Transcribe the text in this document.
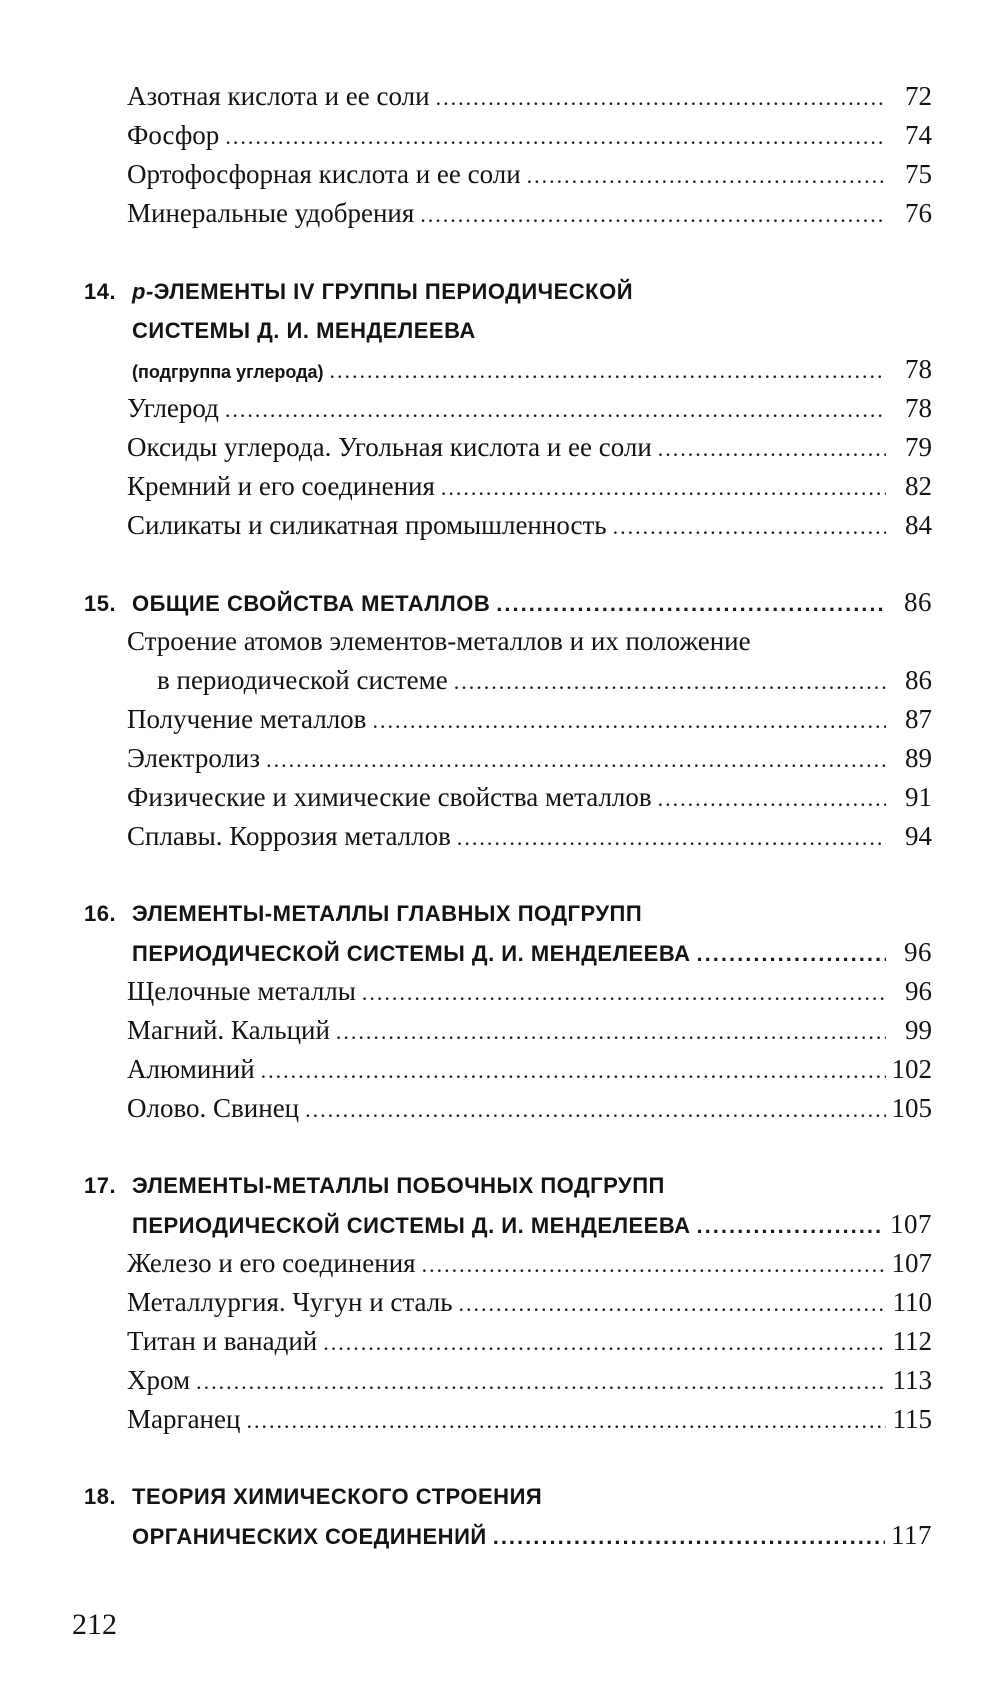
Азотная кислота и ее соли .....	72
Фосфор .....	74
Ортофосфорная кислота и ее соли .....	75
Минеральные удобрения .....	76
14. p-ЭЛЕМЕНТЫ IV ГРУППЫ ПЕРИОДИЧЕСКОЙ
СИСТЕМЫ Д. И. МЕНДЕЛЕЕВА
(подгруппа углерода) .....	78
Углерод .....	78
Оксиды углерода. Угольная кислота и ее соли .....	79
Кремний и его соединения .....	82
Силикаты и силикатная промышленность .....	84
15. ОБЩИЕ СВОЙСТВА МЕТАЛЛОВ .....	86
Строение атомов элементов-металлов и их положение
в периодической системе .....	86
Получение металлов .....	87
Электролиз .....	89
Физические и химические свойства металлов .....	91
Сплавы. Коррозия металлов .....	94
16. ЭЛЕМЕНТЫ-МЕТАЛЛЫ ГЛАВНЫХ ПОДГРУПП
ПЕРИОДИЧЕСКОЙ СИСТЕМЫ Д. И. МЕНДЕЛЕЕВА .....	96
Щелочные металлы .....	96
Магний. Кальций .....	99
Алюминий .....	102
Олово. Свинец .....	105
17. ЭЛЕМЕНТЫ-МЕТАЛЛЫ ПОБОЧНЫХ ПОДГРУПП
ПЕРИОДИЧЕСКОЙ СИСТЕМЫ Д. И. МЕНДЕЛЕЕВА .....	107
Железо и его соединения .....	107
Металлургия. Чугун и сталь .....	110
Титан и ванадий .....	112
Хром .....	113
Марганец .....	115
18. ТЕОРИЯ ХИМИЧЕСКОГО СТРОЕНИЯ
ОРГАНИЧЕСКИХ СОЕДИНЕНИЙ .....	117
212
